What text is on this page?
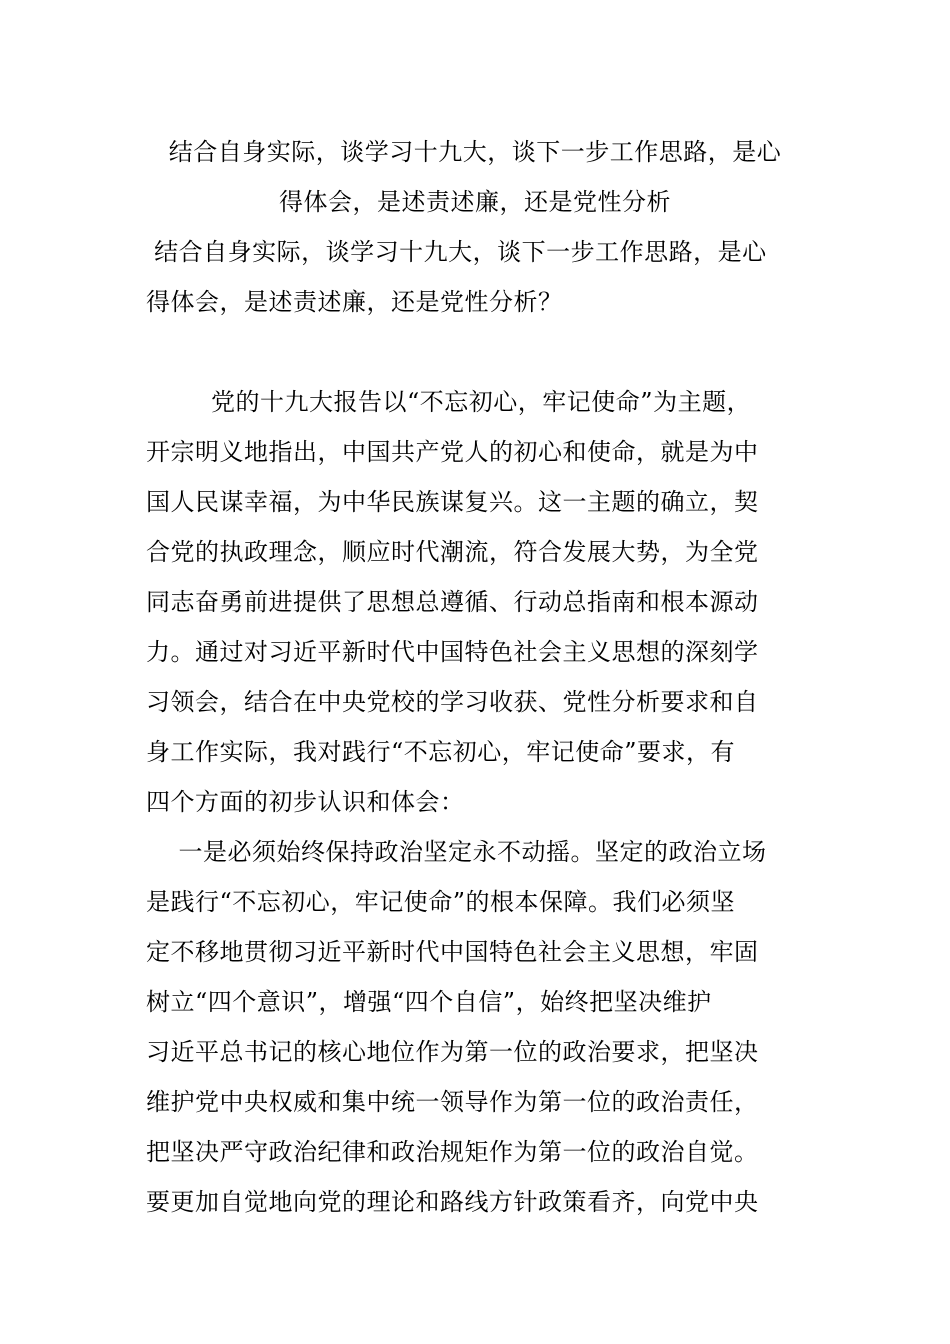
结合自身实际，谈学习十九大，谈下一步工作思路，是心
得体会，是述责述廉，还是党性分析
结合自身实际，谈学习十九大，谈下一步工作思路，是心
得体会，是述责述廉，还是党性分析？
党的十九大报告以“不忘初心，牢记使命”为主题，
开宗明义地指出，中国共产党人的初心和使命，就是为中
国人民谋幸福，为中华民族谋复兴。这一主题的确立，契
合党的执政理念，顺应时代潮流，符合发展大势，为全党
同志奋勇前进提供了思想总遵循、行动总指南和根本源动
力。通过对习近平新时代中国特色社会主义思想的深刻学
习领会，结合在中央党校的学习收获、党性分析要求和自
身工作实际，我对践行“不忘初心，牢记使命”要求，有
四个方面的初步认识和体会：
一是必须始终保持政治坚定永不动摇。坚定的政治立场
是践行“不忘初心，牢记使命”的根本保障。我们必须坚
定不移地贯彻习近平新时代中国特色社会主义思想，牢固
树立“四个意识”，增强“四个自信”，始终把坚决维护
习近平总书记的核心地位作为第一位的政治要求，把坚决
维护党中央权威和集中统一领导作为第一位的政治责任，
把坚决严守政治纪律和政治规矩作为第一位的政治自觉。
要更加自觉地向党的理论和路线方针政策看齐，向党中央
